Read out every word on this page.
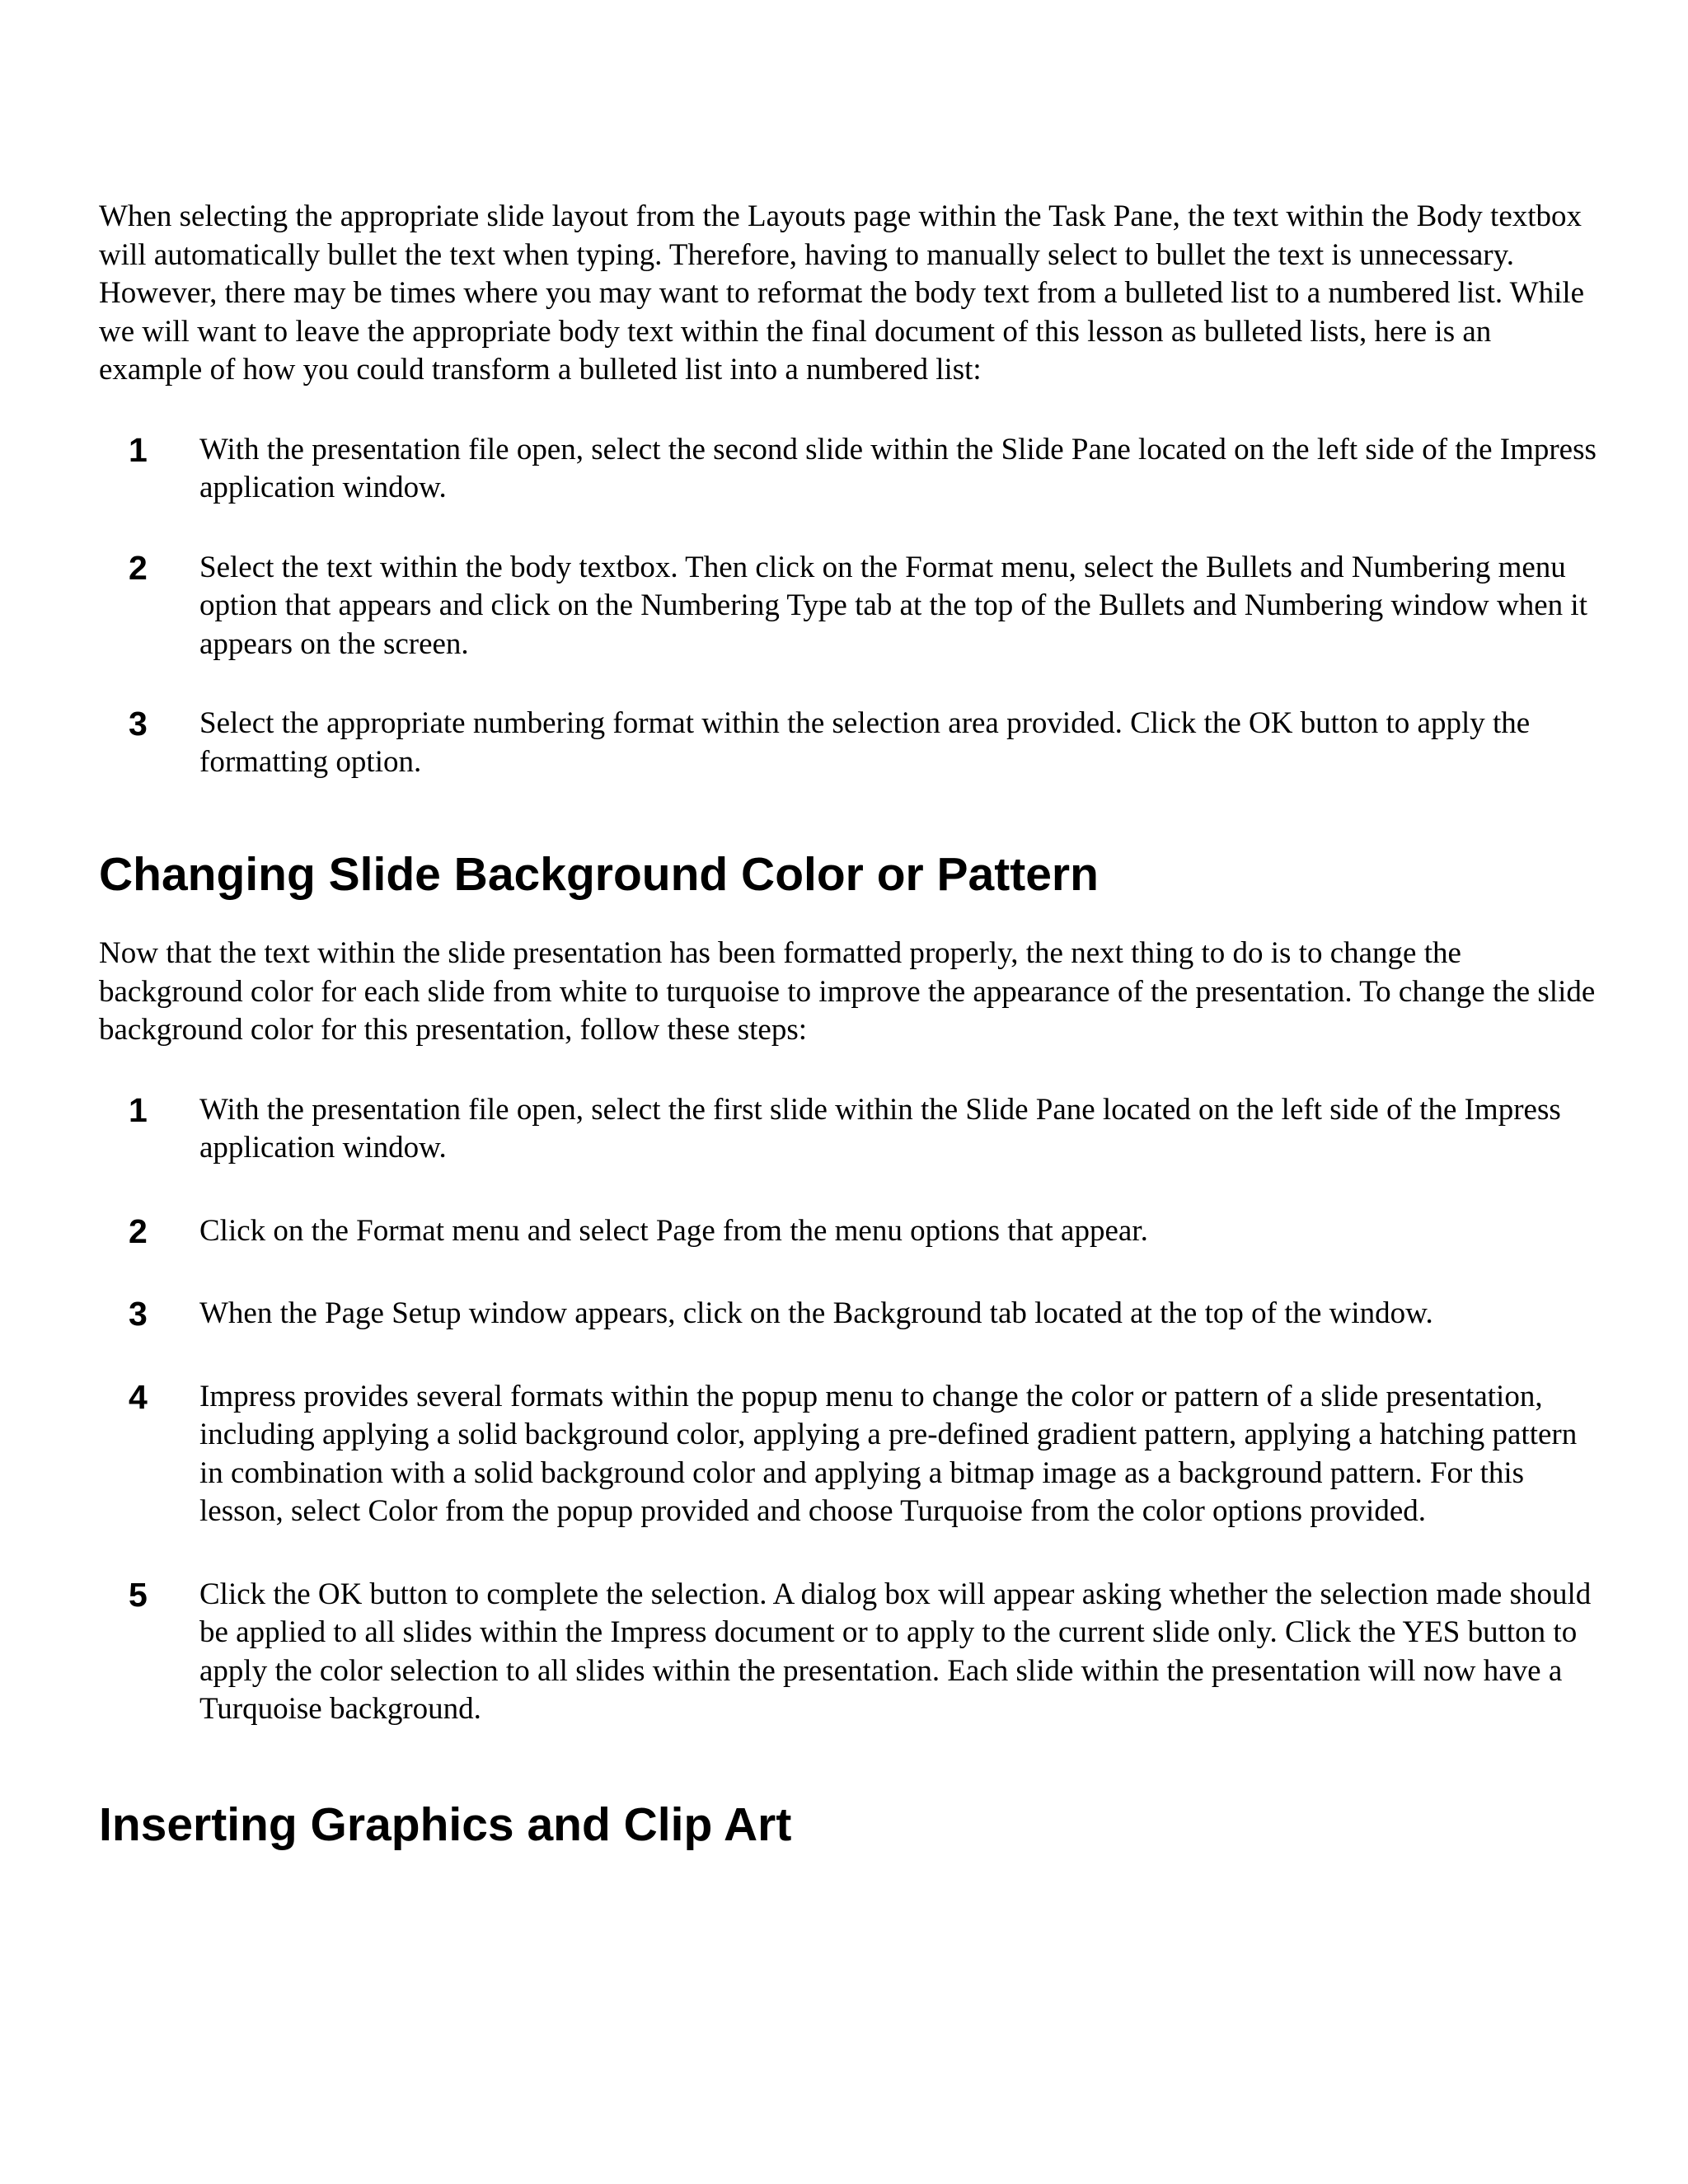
When selecting the appropriate slide layout from the Layouts page within the Task Pane, the text within the Body textbox will automatically bullet the text when typing. Therefore, having to manually select to bullet the text is unnecessary. However, there may be times where you may want to reformat the body text from a bulleted list to a numbered list. While we will want to leave the appropriate body text within the final document of this lesson as bulleted lists, here is an example of how you could transform a bulleted list into a numbered list:

1 With the presentation file open, select the second slide within the Slide Pane located on the left side of the Impress application window.
2 Select the text within the body textbox. Then click on the Format menu, select the Bullets and Numbering menu option that appears and click on the Numbering Type tab at the top of the Bullets and Numbering window when it appears on the screen.
3 Select the appropriate numbering format within the selection area provided. Click the OK button to apply the formatting option.
Changing Slide Background Color or Pattern

Now that the text within the slide presentation has been formatted properly, the next thing to do is to change the background color for each slide from white to turquoise to improve the appearance of the presentation. To change the slide background color for this presentation, follow these steps:

1 With the presentation file open, select the first slide within the Slide Pane located on the left side of the Impress application window.
2 Click on the Format menu and select Page from the menu options that appear.
3 When the Page Setup window appears, click on the Background tab located at the top of the window.
4 Impress provides several formats within the popup menu to change the color or pattern of a slide presentation, including applying a solid background color, applying a pre-defined gradient pattern, applying a hatching pattern in combination with a solid background color and applying a bitmap image as a background pattern. For this lesson, select Color from the popup provided and choose Turquoise from the color options provided.
5 Click the OK button to complete the selection. A dialog box will appear asking whether the selection made should be applied to all slides within the Impress document or to apply to the current slide only. Click the YES button to apply the color selection to all slides within the presentation. Each slide within the presentation will now have a Turquoise background.
Inserting Graphics and Clip Art
